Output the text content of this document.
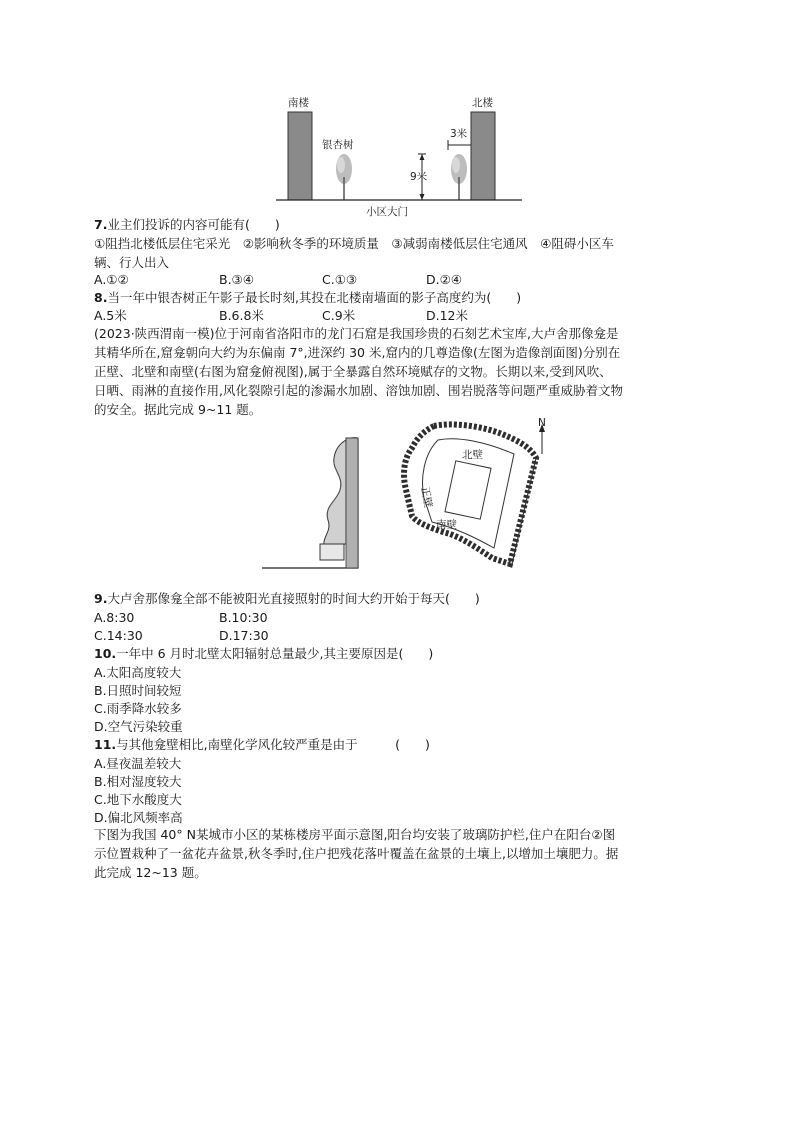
南楼	北楼
银杏树
9米
3米
小区大门
7.业主们投诉的内容可能有(　　)
①阻挡北楼低层住宅采光　②影响秋冬季的环境质量　③减弱南楼低层住宅通风　④阻碍小区车
辆、行人出入
A.①②	B.③④	C.①③	D.②④
8.当一年中银杏树正午影子最长时刻,其投在北楼南墙面的影子高度约为(　　)
A.5米	B.6.8米	C.9米	D.12米
(2023·陕西渭南一模)位于河南省洛阳市的龙门石窟是我国珍贵的石刻艺术宝库,大卢舍那像龛是
其精华所在,窟龛朝向大约为东偏南 7°,进深约 30 米,窟内的几尊造像(左图为造像剖面图)分别在
正壁、北壁和南壁(右图为窟龛俯视图),属于全暴露自然环境赋存的文物。长期以来,受到风吹、
日晒、雨淋的直接作用,风化裂隙引起的渗漏水加剧、溶蚀加剧、围岩脱落等问题严重威胁着文物
的安全。据此完成 9~11 题。
N
北壁
正壁
南壁
9.大卢舍那像龛全部不能被阳光直接照射的时间大约开始于每天(　　)
A.8:30	B.10:30
C.14:30	D.17:30
10.一年中 6 月时北壁太阳辐射总量最少,其主要原因是(　　)
A.太阳高度较大
B.日照时间较短
C.雨季降水较多
D.空气污染较重
11.与其他龛壁相比,南壁化学风化较严重是由于　　　(　　)
A.昼夜温差较大
B.相对湿度较大
C.地下水酸度大
D.偏北风频率高
下图为我国 40° N某城市小区的某栋楼房平面示意图,阳台均安装了玻璃防护栏,住户在阳台②图
示位置栽种了一盆花卉盆景,秋冬季时,住户把残花落叶覆盖在盆景的土壤上,以增加土壤肥力。据
此完成 12~13 题。
